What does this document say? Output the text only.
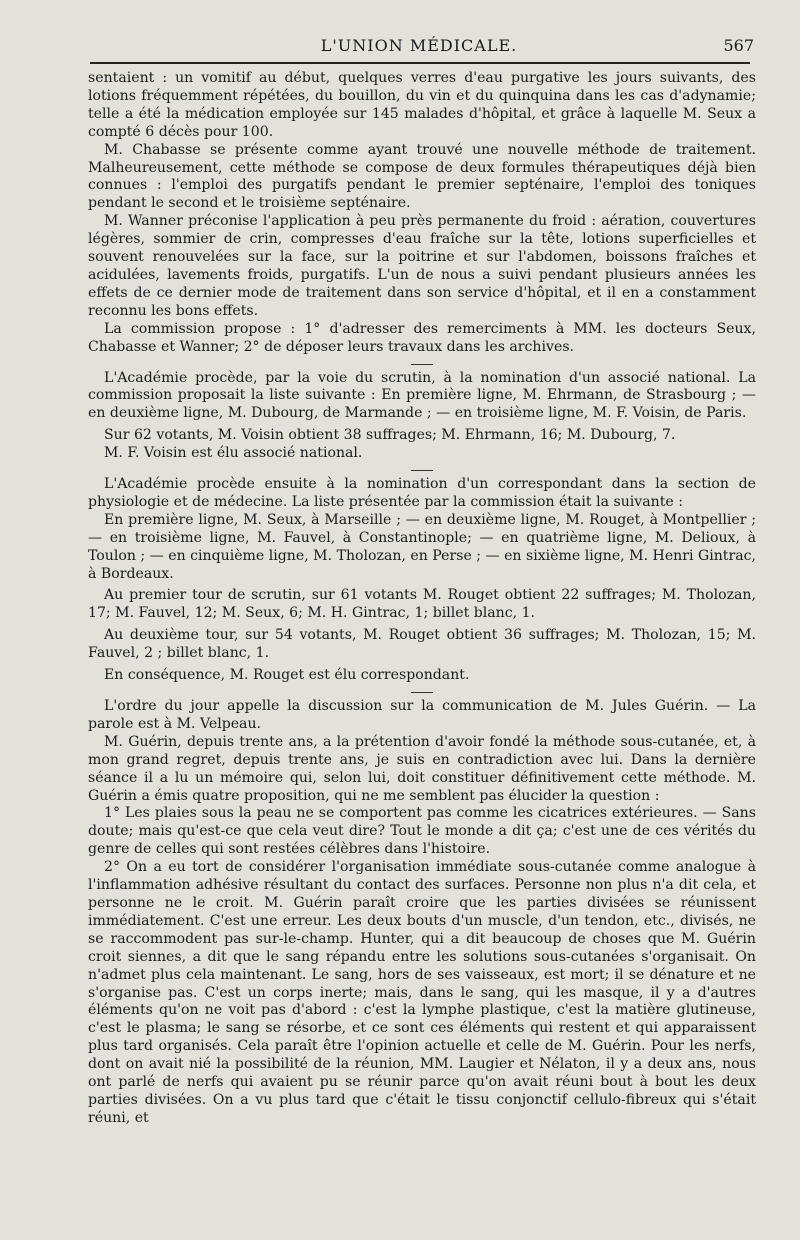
L'UNION MÉDICALE.	567

sentaient : un vomitif au début, quelques verres d'eau purgative les jours suivants, des lotions fréquemment répétées, du bouillon, du vin et du quinquina dans les cas d'adynamie; telle a été la médication employée sur 145 malades d'hôpital, et grâce à laquelle M. Seux a compté 6 décès pour 100.

M. Chabasse se présente comme ayant trouvé une nouvelle méthode de traitement. Malheureusement, cette méthode se compose de deux formules thérapeutiques déjà bien connues : l'emploi des purgatifs pendant le premier septénaire, l'emploi des toniques pendant le second et le troisième septénaire.

M. Wanner préconise l'application à peu près permanente du froid : aération, couvertures légères, sommier de crin, compresses d'eau fraîche sur la tête, lotions superficielles et souvent renouvelées sur la face, sur la poitrine et sur l'abdomen, boissons fraîches et acidulées, lavements froids, purgatifs. L'un de nous a suivi pendant plusieurs années les effets de ce dernier mode de traitement dans son service d'hôpital, et il en a constamment reconnu les bons effets.

La commission propose : 1° d'adresser des remerciments à MM. les docteurs Seux, Chabasse et Wanner; 2° de déposer leurs travaux dans les archives.

L'Académie procède, par la voie du scrutin, à la nomination d'un associé national. La commission proposait la liste suivante : En première ligne, M. Ehrmann, de Strasbourg ; — en deuxième ligne, M. Dubourg, de Marmande ; — en troisième ligne, M. F. Voisin, de Paris.

Sur 62 votants, M. Voisin obtient 38 suffrages; M. Ehrmann, 16; M. Dubourg, 7.

M. F. Voisin est élu associé national.

L'Académie procède ensuite à la nomination d'un correspondant dans la section de physiologie et de médecine. La liste présentée par la commission était la suivante :

En première ligne, M. Seux, à Marseille ; — en deuxième ligne, M. Rouget, à Montpellier ; — en troisième ligne, M. Fauvel, à Constantinople; — en quatrième ligne, M. Delioux, à Toulon ; — en cinquième ligne, M. Tholozan, en Perse ; — en sixième ligne, M. Henri Gintrac, à Bordeaux.

Au premier tour de scrutin, sur 61 votants M. Rouget obtient 22 suffrages; M. Tholozan, 17; M. Fauvel, 12; M. Seux, 6; M. H. Gintrac, 1; billet blanc, 1.

Au deuxième tour, sur 54 votants, M. Rouget obtient 36 suffrages; M. Tholozan, 15; M. Fauvel, 2 ; billet blanc, 1.

En conséquence, M. Rouget est élu correspondant.

L'ordre du jour appelle la discussion sur la communication de M. Jules Guérin. — La parole est à M. Velpeau.

M. Guérin, depuis trente ans, a la prétention d'avoir fondé la méthode sous-cutanée, et, à mon grand regret, depuis trente ans, je suis en contradiction avec lui. Dans la dernière séance il a lu un mémoire qui, selon lui, doit constituer définitivement cette méthode. M. Guérin a émis quatre proposition, qui ne me semblent pas élucider la question :

1° Les plaies sous la peau ne se comportent pas comme les cicatrices extérieures. — Sans doute; mais qu'est-ce que cela veut dire? Tout le monde a dit ça; c'est une de ces vérités du genre de celles qui sont restées célèbres dans l'histoire.

2° On a eu tort de considérer l'organisation immédiate sous-cutanée comme analogue à l'inflammation adhésive résultant du contact des surfaces. Personne non plus n'a dit cela, et personne ne le croit. M. Guérin paraît croire que les parties divisées se réunissent immédiatement. C'est une erreur. Les deux bouts d'un muscle, d'un tendon, etc., divisés, ne se raccommodent pas sur-le-champ. Hunter, qui a dit beaucoup de choses que M. Guérin croit siennes, a dit que le sang répandu entre les solutions sous-cutanées s'organisait. On n'admet plus cela maintenant. Le sang, hors de ses vaisseaux, est mort; il se dénature et ne s'organise pas. C'est un corps inerte; mais, dans le sang, qui les masque, il y a d'autres éléments qu'on ne voit pas d'abord : c'est la lymphe plastique, c'est la matière glutineuse, c'est le plasma; le sang se résorbe, et ce sont ces éléments qui restent et qui apparaissent plus tard organisés. Cela paraît être l'opinion actuelle et celle de M. Guérin. Pour les nerfs, dont on avait nié la possibilité de la réunion, MM. Laugier et Nélaton, il y a deux ans, nous ont parlé de nerfs qui avaient pu se réunir parce qu'on avait réuni bout à bout les deux parties divisées. On a vu plus tard que c'était le tissu conjonctif cellulo-fibreux qui s'était réuni, et
